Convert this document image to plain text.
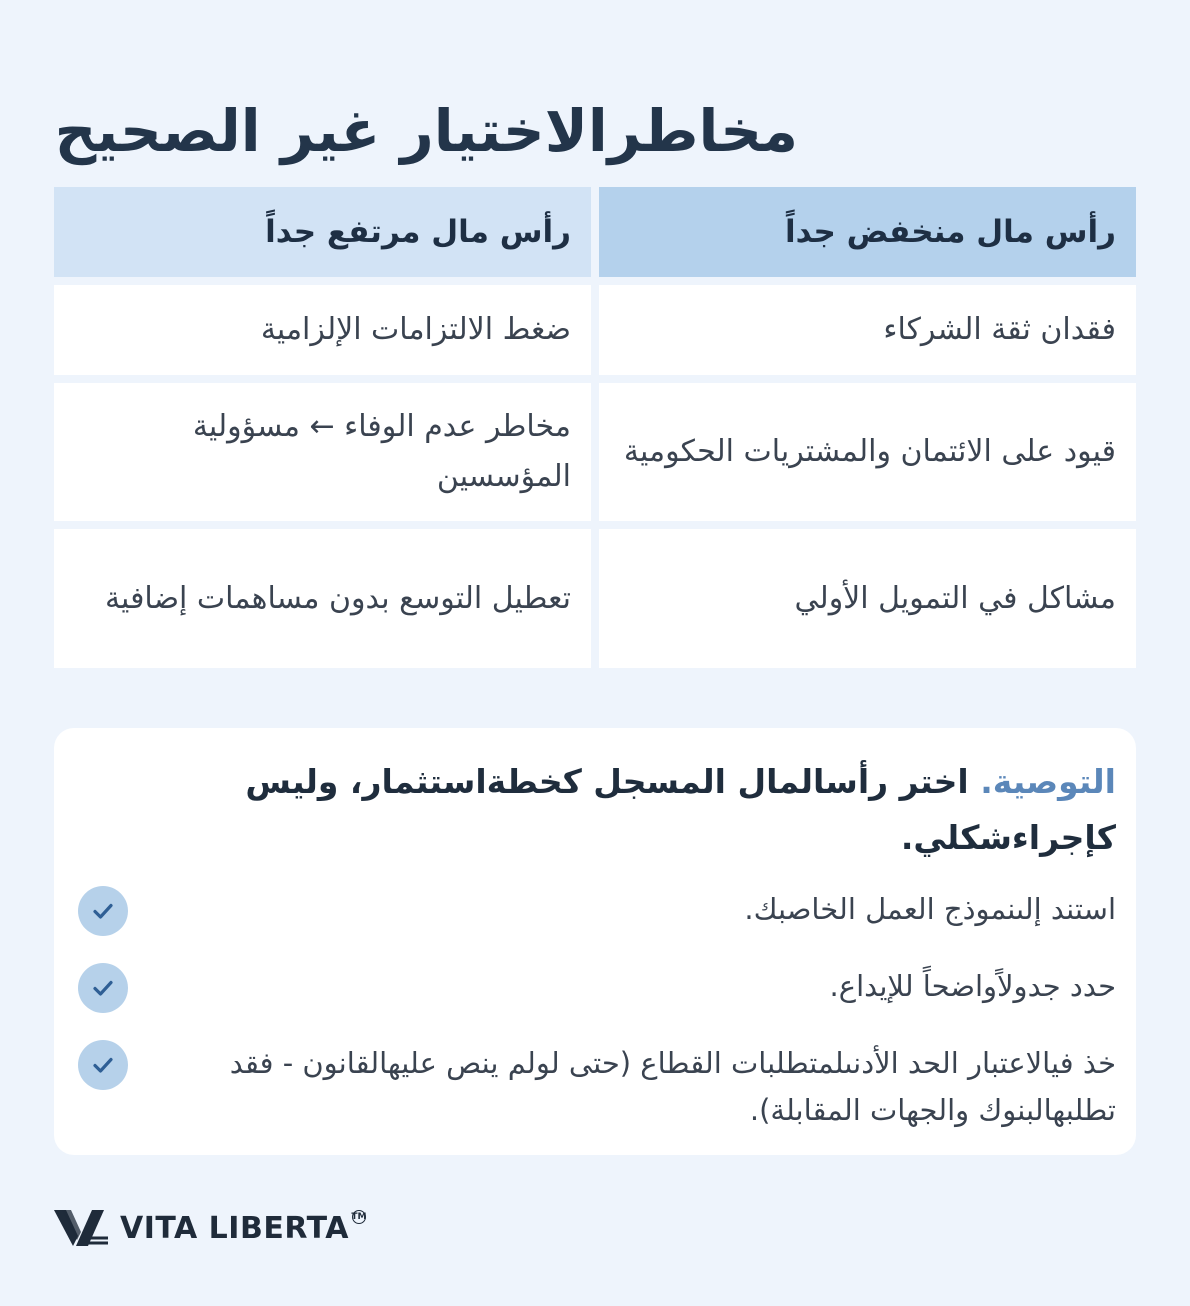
مخاطرالاختيار غير الصحيح
رأس مال منخفض جداً
رأس مال مرتفع جداً
فقدان ثقة الشركاء
ضغط الالتزامات الإلزامية
قيود على الائتمان والمشتريات الحكومية
مخاطر عدم الوفاء ← مسؤولية المؤسسين
مشاكل في التمويل الأولي
تعطيل التوسع بدون مساهمات إضافية

التوصية. اختر رأسالمال المسجل كخطةاستثمار، وليس كإجراءشكلي.

استند إلىنموذج العمل الخاصبك.
حدد جدولاًواضحاً للإيداع.
خذ فيالاعتبار الحد الأدنىلمتطلبات القطاع (حتى لولم ينص عليهالقانون - فقد تطلبهالبنوك والجهات المقابلة).
VITA LIBERTA TM
